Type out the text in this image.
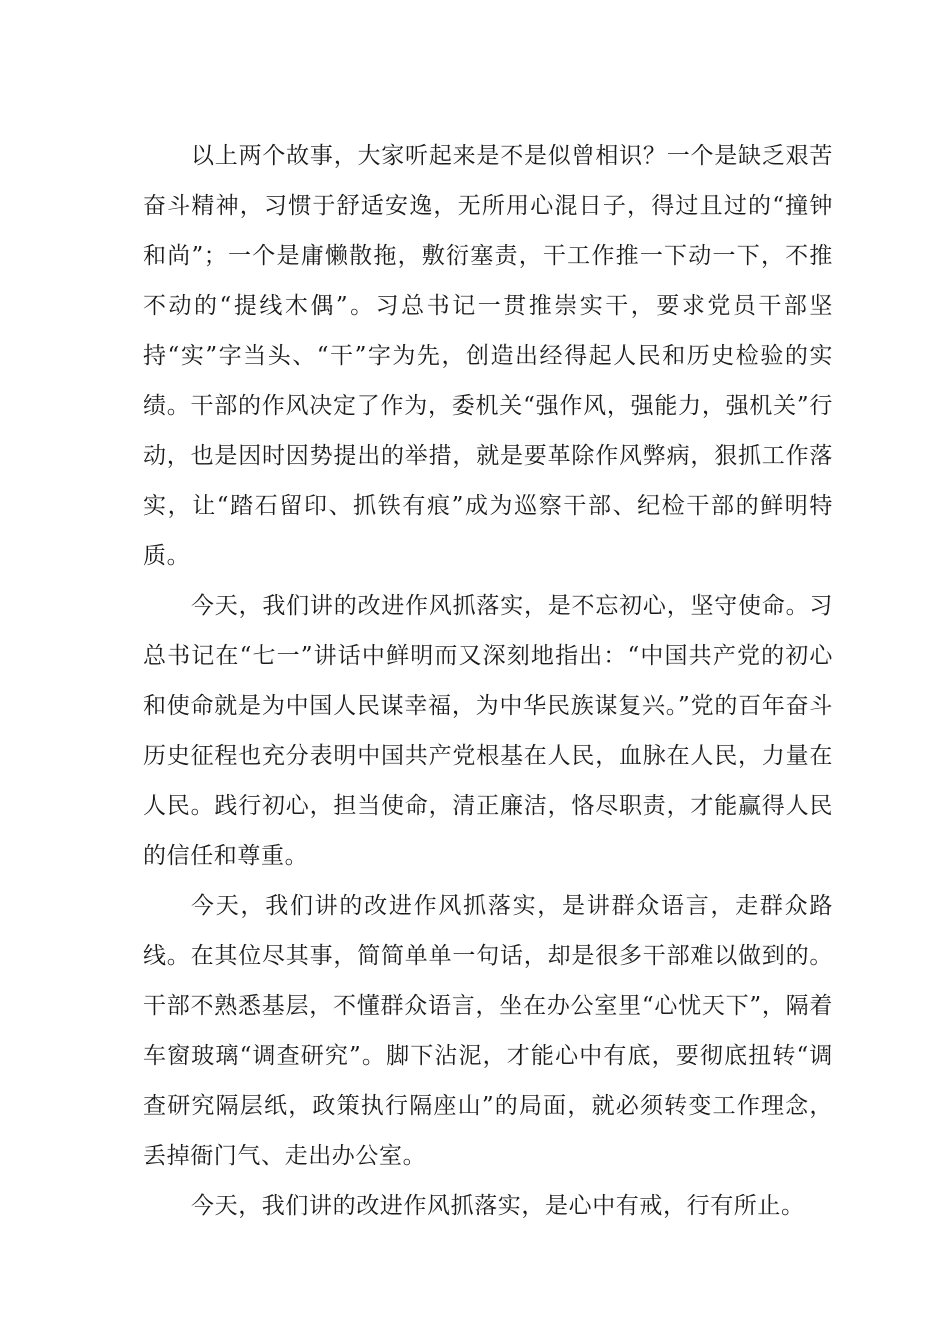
以上两个故事，大家听起来是不是似曾相识？一个是缺乏艰苦奋斗精神，习惯于舒适安逸，无所用心混日子，得过且过的“撞钟和尚”；一个是庸懒散拖，敷衍塞责，干工作推一下动一下，不推不动的“提线木偶”。习总书记一贯推崇实干，要求党员干部坚持“实”字当头、“干”字为先，创造出经得起人民和历史检验的实绩。干部的作风决定了作为，委机关“强作风，强能力，强机关”行动，也是因时因势提出的举措，就是要革除作风弊病，狠抓工作落实，让“踏石留印、抓铁有痕”成为巡察干部、纪检干部的鲜明特质。

今天，我们讲的改进作风抓落实，是不忘初心，坚守使命。习总书记在“七一”讲话中鲜明而又深刻地指出：“中国共产党的初心和使命就是为中国人民谋幸福，为中华民族谋复兴。”党的百年奋斗历史征程也充分表明中国共产党根基在人民，血脉在人民，力量在人民。践行初心，担当使命，清正廉洁，恪尽职责，才能赢得人民的信任和尊重。

今天，我们讲的改进作风抓落实，是讲群众语言，走群众路线。在其位尽其事，简简单单一句话，却是很多干部难以做到的。干部不熟悉基层，不懂群众语言，坐在办公室里“心忧天下”，隔着车窗玻璃“调查研究”。脚下沾泥，才能心中有底，要彻底扭转“调查研究隔层纸，政策执行隔座山”的局面，就必须转变工作理念，丢掉衙门气、走出办公室。

今天，我们讲的改进作风抓落实，是心中有戒，行有所止。
